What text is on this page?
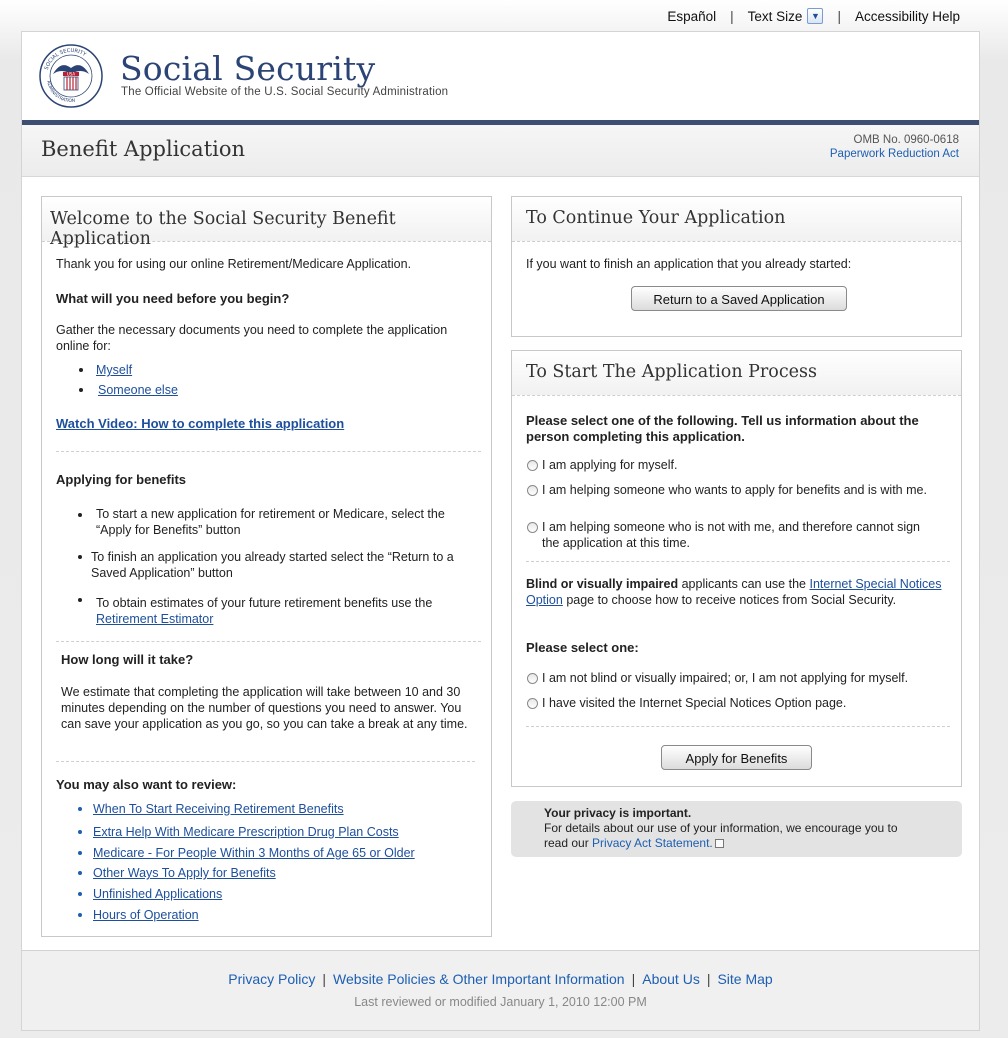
Español | Text Size ▼ | Accessibility Help
USA
SOCIAL SECURITY
ADMINISTRATION
Social Security
The Official Website of the U.S. Social Security Administration
Benefit Application	OMB No. 0960-0618
Paperwork Reduction Act
Welcome to the Social Security Benefit Application
Thank you for using our online Retirement/Medicare Application.
What will you need before you begin?
Gather the necessary documents you need to complete the application online for:
Myself
Someone else
Watch Video: How to complete this application
Applying for benefits
To start a new application for retirement or Medicare, select the “Apply for Benefits” button
To finish an application you already started select the “Return to a Saved Application” button
To obtain estimates of your future retirement benefits use the
Retirement Estimator
How long will it take?
We estimate that completing the application will take between 10 and 30 minutes depending on the number of questions you need to answer. You can save your application as you go, so you can take a break at any time.
You may also want to review:
When To Start Receiving Retirement Benefits
Extra Help With Medicare Prescription Drug Plan Costs
Medicare - For People Within 3 Months of Age 65 or Older
Other Ways To Apply for Benefits
Unfinished Applications
Hours of Operation
To Continue Your Application
If you want to finish an application that you already started:
Return to a Saved Application
To Start The Application Process
Please select one of the following. Tell us information about the person completing this application.
I am applying for myself.
I am helping someone who wants to apply for benefits and is with me.
I am helping someone who is not with me, and therefore cannot sign the application at this time.
Blind or visually impaired applicants can use the Internet Special Notices Option page to choose how to receive notices from Social Security.
Please select one:
I am not blind or visually impaired; or, I am not applying for myself.
I have visited the Internet Special Notices Option page.
Apply for Benefits
Your privacy is important.
For details about our use of your information, we encourage you to read our Privacy Act Statement.
Privacy Policy | Website Policies & Other Important Information | About Us | Site Map
Last reviewed or modified January 1, 2010 12:00 PM
